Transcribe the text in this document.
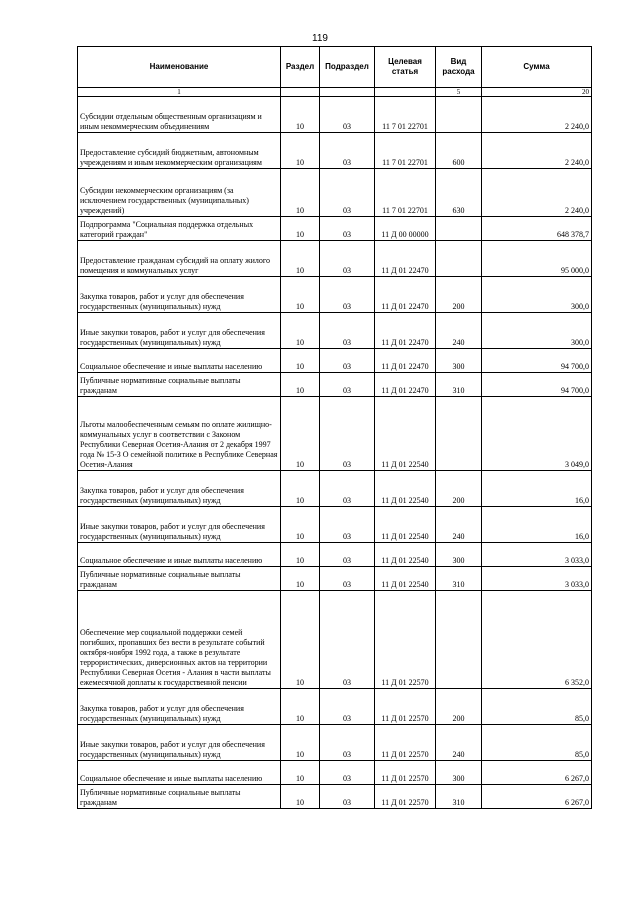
119
Наименование	Раздел	Подраздел	Целевая статья	Вид расхода	Сумма
1				5	20
Субсидии отдельным общественным организациям и иным некоммерческим объединениям	10	03	11 7 01 22701		2 240,0
Предоставление субсидий бюджетным, автономным учреждениям и иным некоммерческим организациям	10	03	11 7 01 22701	600	2 240,0
Субсидии некоммерческим организациям (за исключением государственных (муниципальных) учреждений)	10	03	11 7 01 22701	630	2 240,0
Подпрограмма "Социальная поддержка отдельных категорий граждан"	10	03	11 Д 00 00000		648 378,7
Предоставление гражданам субсидий на оплату жилого помещения и коммунальных услуг	10	03	11 Д 01 22470		95 000,0
Закупка товаров, работ и услуг для обеспечения государственных (муниципальных) нужд	10	03	11 Д 01 22470	200	300,0
Иные закупки товаров, работ и услуг для обеспечения государственных (муниципальных) нужд	10	03	11 Д 01 22470	240	300,0
Социальное обеспечение и иные выплаты населению	10	03	11 Д 01 22470	300	94 700,0
Публичные нормативные социальные выплаты гражданам	10	03	11 Д 01 22470	310	94 700,0
Льготы малообеспеченным семьям по оплате жилищно-коммунальных услуг в соответствии с Законом Республики Северная Осетия-Алания от 2 декабря 1997 года № 15-З О семейной политике в Республике Северная Осетия-Алания	10	03	11 Д 01 22540		3 049,0
Закупка товаров, работ и услуг для обеспечения государственных (муниципальных) нужд	10	03	11 Д 01 22540	200	16,0
Иные закупки товаров, работ и услуг для обеспечения государственных (муниципальных) нужд	10	03	11 Д 01 22540	240	16,0
Социальное обеспечение и иные выплаты населению	10	03	11 Д 01 22540	300	3 033,0
Публичные нормативные социальные выплаты гражданам	10	03	11 Д 01 22540	310	3 033,0
Обеспечение мер социальной поддержки семей погибших, пропавших без вести в результате событий октября-ноября 1992 года, а также в результате террористических, диверсионных актов на территории Республики Северная Осетия - Алания в части выплаты ежемесячной доплаты к государственной пенсии	10	03	11 Д 01 22570		6 352,0
Закупка товаров, работ и услуг для обеспечения государственных (муниципальных) нужд	10	03	11 Д 01 22570	200	85,0
Иные закупки товаров, работ и услуг для обеспечения государственных (муниципальных) нужд	10	03	11 Д 01 22570	240	85,0
Социальное обеспечение и иные выплаты населению	10	03	11 Д 01 22570	300	6 267,0
Публичные нормативные социальные выплаты гражданам	10	03	11 Д 01 22570	310	6 267,0
